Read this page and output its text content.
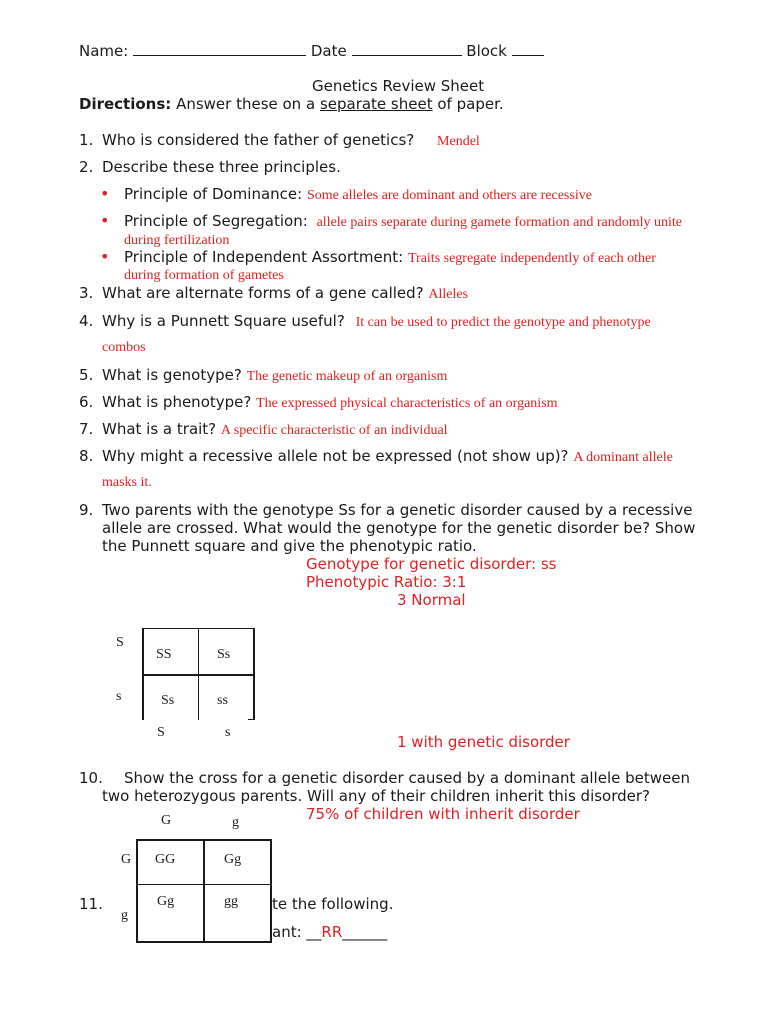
Name:	Date	Block
Genetics Review Sheet
Directions: Answer these on a separate sheet of paper.
1. Who is considered the father of genetics? Mendel
2. Describe these three principles.
• Principle of Dominance: Some alleles are dominant and others are recessive
• Principle of Segregation: allele pairs separate during gamete formation and randomly unite
during fertilization
• Principle of Independent Assortment: Traits segregate independently of each other
during formation of gametes
3. What are alternate forms of a gene called? Alleles
4. Why is a Punnett Square useful? It can be used to predict the genotype and phenotype
combos
5. What is genotype? The genetic makeup of an organism
6. What is phenotype? The expressed physical characteristics of an organism
7. What is a trait? A specific characteristic of an individual
8. Why might a recessive allele not be expressed (not show up)? A dominant allele
masks it.
9. Two parents with the genotype Ss for a genetic disorder caused by a recessive
allele are crossed. What would the genotype for the genetic disorder be? Show
the Punnett square and give the phenotypic ratio.
Genotype for genetic disorder: ss
Phenotypic Ratio: 3:1
3 Normal
S
s
SS	Ss
Ss	ss
S	s
1 with genetic disorder
10. Show the cross for a genetic disorder caused by a dominant allele between
two heterozygous parents. Will any of their children inherit this disorder?
75% of children with inherit disorder
11.	te the following.
ant: __RR______
G	g
G
g
GG	Gg
Gg	gg
